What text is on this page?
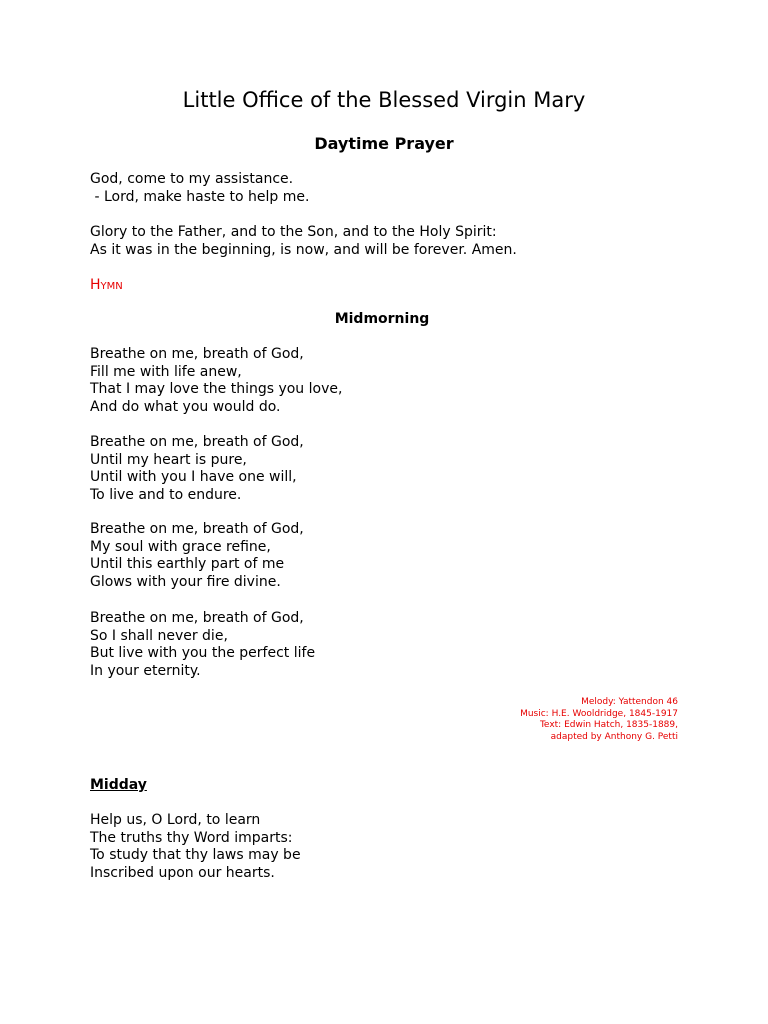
Little Office of the Blessed Virgin Mary
Daytime Prayer
God, come to my assistance.
- Lord, make haste to help me.
Glory to the Father, and to the Son, and to the Holy Spirit:
As it was in the beginning, is now, and will be forever. Amen.
Hymn
Midmorning
Breathe on me, breath of God,
Fill me with life anew,
That I may love the things you love,
And do what you would do.
Breathe on me, breath of God,
Until my heart is pure,
Until with you I have one will,
To live and to endure.
Breathe on me, breath of God,
My soul with grace refine,
Until this earthly part of me
Glows with your fire divine.
Breathe on me, breath of God,
So I shall never die,
But live with you the perfect life
In your eternity.
Melody: Yattendon 46
Music: H.E. Wooldridge, 1845-1917
Text: Edwin Hatch, 1835-1889,
adapted by Anthony G. Petti
Midday
Help us, O Lord, to learn
The truths thy Word imparts:
To study that thy laws may be
Inscribed upon our hearts.
